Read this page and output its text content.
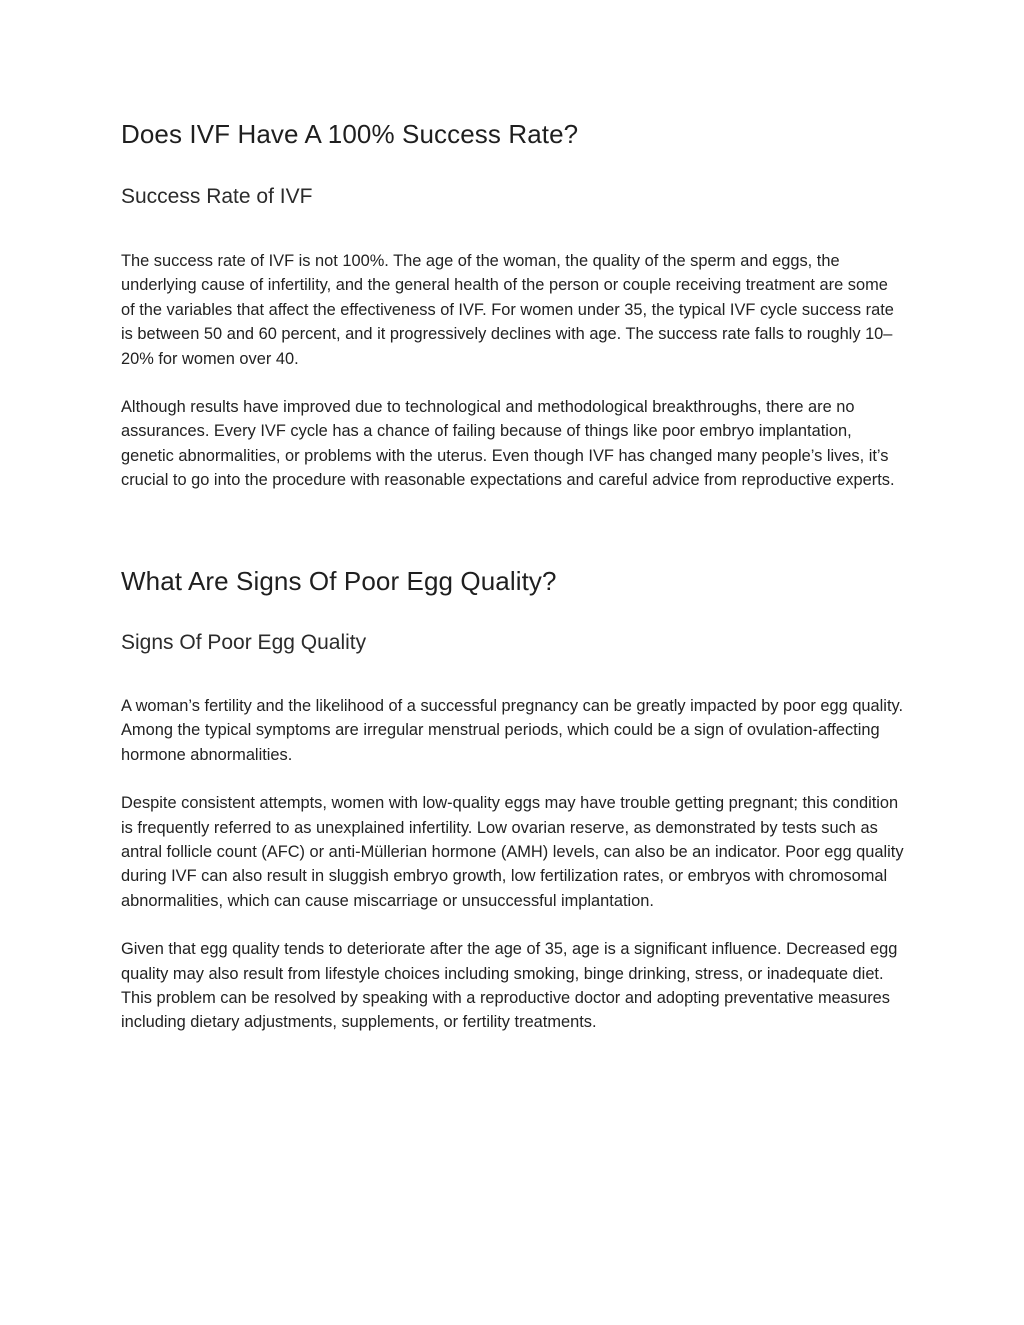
Does IVF Have A 100% Success Rate?
Success Rate of IVF

The success rate of IVF is not 100%. The age of the woman, the quality of the sperm and eggs, the underlying cause of infertility, and the general health of the person or couple receiving treatment are some of the variables that affect the effectiveness of IVF. For women under 35, the typical IVF cycle success rate is between 50 and 60 percent, and it progressively declines with age. The success rate falls to roughly 10–20% for women over 40.

Although results have improved due to technological and methodological breakthroughs, there are no assurances. Every IVF cycle has a chance of failing because of things like poor embryo implantation, genetic abnormalities, or problems with the uterus. Even though IVF has changed many people’s lives, it’s crucial to go into the procedure with reasonable expectations and careful advice from reproductive experts.

What Are Signs Of Poor Egg Quality?
Signs Of Poor Egg Quality

A woman’s fertility and the likelihood of a successful pregnancy can be greatly impacted by poor egg quality. Among the typical symptoms are irregular menstrual periods, which could be a sign of ovulation-affecting hormone abnormalities.

Despite consistent attempts, women with low-quality eggs may have trouble getting pregnant; this condition is frequently referred to as unexplained infertility. Low ovarian reserve, as demonstrated by tests such as antral follicle count (AFC) or anti-Müllerian hormone (AMH) levels, can also be an indicator. Poor egg quality during IVF can also result in sluggish embryo growth, low fertilization rates, or embryos with chromosomal abnormalities, which can cause miscarriage or unsuccessful implantation.

Given that egg quality tends to deteriorate after the age of 35, age is a significant influence. Decreased egg quality may also result from lifestyle choices including smoking, binge drinking, stress, or inadequate diet. This problem can be resolved by speaking with a reproductive doctor and adopting preventative measures including dietary adjustments, supplements, or fertility treatments.
